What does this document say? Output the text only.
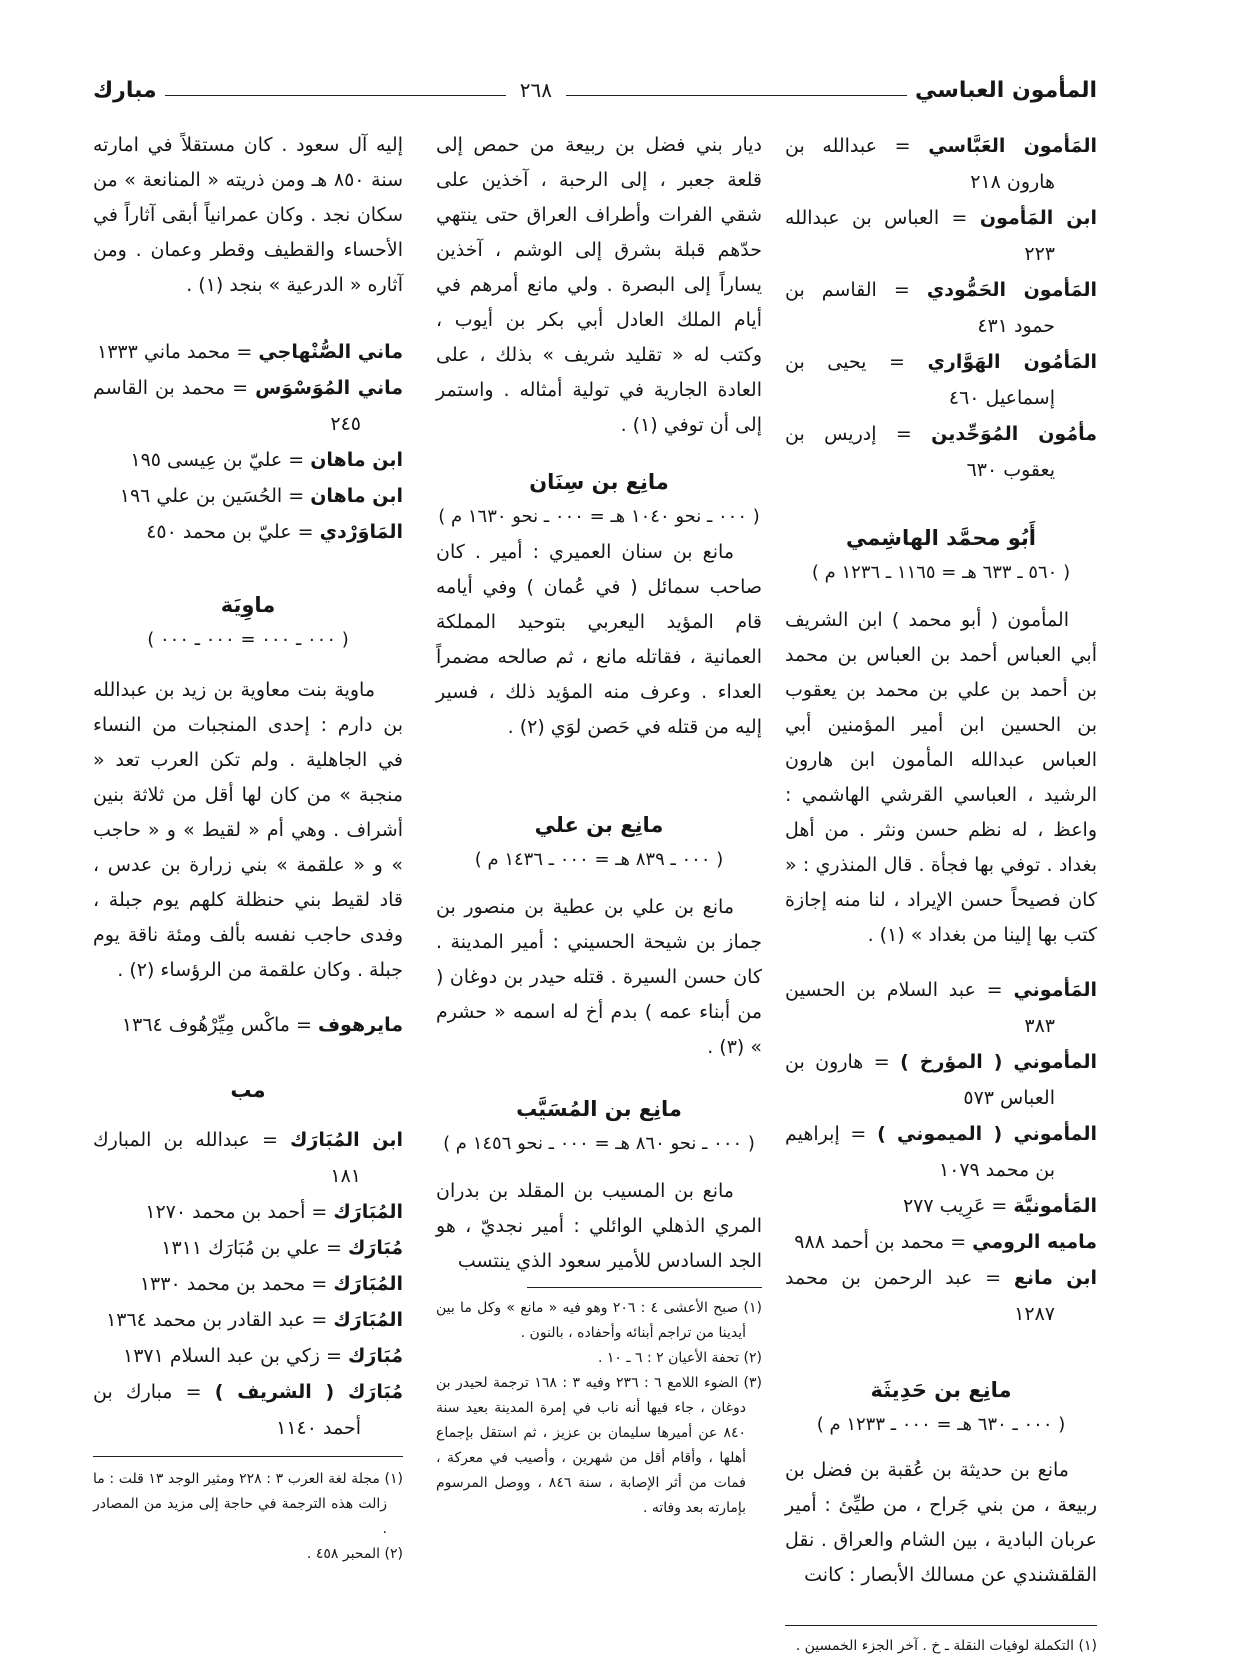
المأمون العباسي
٢٦٨
مبارك
المَأمون العَبَّاسي = عبدالله بن هارون ٢١٨
ابن المَأمون = العباس بن عبدالله ٢٢٣
المَأمون الحَمُّودي = القاسم بن حمود ٤٣١
المَأمُون الهَوَّاري = يحيى بن إسماعيل ٤٦٠
مأمُون المُوَحِّدين = إدريس بن يعقوب ٦٣٠
أَبُو محمَّد الهاشِمي
( ٥٦٠ ـ ٦٣٣ هـ = ١١٦٥ ـ ١٢٣٦ م )
المأمون ( أبو محمد ) ابن الشريف أبي العباس أحمد بن العباس بن محمد بن أحمد بن علي بن محمد بن يعقوب بن الحسين ابن أمير المؤمنين أبي العباس عبدالله المأمون ابن هارون الرشيد ، العباسي القرشي الهاشمي : واعظ ، له نظم حسن ونثر . من أهل بغداد . توفي بها فجأة . قال المنذري : « كان فصيحاً حسن الإيراد ، لنا منه إجازة كتب بها إلينا من بغداد » (١) .
المَأموني = عبد السلام بن الحسين ٣٨٣
المأموني ( المؤرخ ) = هارون بن العباس ٥٧٣
المأموني ( الميموني ) = إبراهيم بن محمد ١٠٧٩
المَأمونيَّة = عَرِيب ٢٧٧
ماميه الرومي = محمد بن أحمد ٩٨٨
ابن مانع = عبد الرحمن بن محمد ١٢٨٧
مانِع بن حَدِيثَة
( ٠٠٠ ـ ٦٣٠ هـ = ٠٠٠ ـ ١٢٣٣ م )
مانع بن حديثة بن عُقبة بن فضل بن ربيعة ، من بني جَراح ، من طيِّئ : أمير عربان البادية ، بين الشام والعراق . نقل القلقشندي عن مسالك الأبصار : كانت
(١) التكملة لوفيات النقلة ـ خ . آخر الجزء الخمسين .
ديار بني فضل بن ربيعة من حمص إلى قلعة جعبر ، إلى الرحبة ، آخذين على شقي الفرات وأطراف العراق حتى ينتهي حدّهم قبلة بشرق إلى الوشم ، آخذين يساراً إلى البصرة . ولي مانع أمرهم في أيام الملك العادل أبي بكر بن أيوب ، وكتب له « تقليد شريف » بذلك ، على العادة الجارية في تولية أمثاله . واستمر إلى أن توفي (١) .
مانِع بن سِنَان
( ٠٠٠ ـ نحو ١٠٤٠ هـ = ٠٠٠ ـ نحو ١٦٣٠ م )
مانع بن سنان العميري : أمير . كان صاحب سمائل ( في عُمان ) وفي أيامه قام المؤيد اليعربي بتوحيد المملكة العمانية ، فقاتله مانع ، ثم صالحه مضمراً العداء . وعرف منه المؤيد ذلك ، فسير إليه من قتله في حَصن لوَي (٢) .
مانِع بن علي
( ٠٠٠ ـ ٨٣٩ هـ = ٠٠٠ ـ ١٤٣٦ م )
مانع بن علي بن عطية بن منصور بن جماز بن شيحة الحسيني : أمير المدينة . كان حسن السيرة . قتله حيدر بن دوغان ( من أبناء عمه ) بدم أخ له اسمه « حشرم » (٣) .
مانِع بن المُسَيَّب
( ٠٠٠ ـ نحو ٨٦٠ هـ = ٠٠٠ ـ نحو ١٤٥٦ م )
مانع بن المسيب بن المقلد بن بدران المري الذهلي الوائلي : أمير نجديّ ، هو الجد السادس للأمير سعود الذي ينتسب
(١) صبح الأعشى ٤ : ٢٠٦ وهو فيه « مانع » وكل ما بين أيدينا من تراجم أبنائه وأحفاده ، بالنون .
(٢) تحفة الأعيان ٢ : ٦ ـ ١٠ .
(٣) الضوء اللامع ٦ : ٢٣٦ وفيه ٣ : ١٦٨ ترجمة لحيدر بن دوغان ، جاء فيها أنه ناب في إمرة المدينة بعيد سنة ٨٤٠ عن أميرها سليمان بن عزيز ، ثم استقل بإجماع أهلها ، وأقام أقل من شهرين ، وأصيب في معركة ، فمات من أثر الإصابة ، سنة ٨٤٦ ، ووصل المرسوم بإمارته بعد وفاته .
إليه آل سعود . كان مستقلاً في امارته سنة ٨٥٠ هـ ومن ذريته « المنانعة » من سكان نجد . وكان عمرانياً أبقى آثاراً في الأحساء والقطيف وقطر وعمان . ومن آثاره « الدرعية » بنجد (١) .
ماني الصُّنْهاجي = محمد ماني ١٣٣٣
ماني المُوَسْوَس = محمد بن القاسم ٢٤٥
ابن ماهان = عليّ بن عِيسى ١٩٥
ابن ماهان = الحُسَين بن علي ١٩٦
المَاوَرْدي = عليّ بن محمد ٤٥٠
ماوِيَة
( ٠٠٠ ـ ٠٠٠ = ٠٠٠ ـ ٠٠٠ )
ماوية بنت معاوية بن زيد بن عبدالله بن دارم : إحدى المنجبات من النساء في الجاهلية . ولم تكن العرب تعد « منجبة » من كان لها أقل من ثلاثة بنين أشراف . وهي أم « لقيط » و « حاجب » و « علقمة » بني زرارة بن عدس ، قاد لقيط بني حنظلة كلهم يوم جبلة ، وفدى حاجب نفسه بألف ومئة ناقة يوم جبلة . وكان علقمة من الرؤساء (٢) .
مايرهوف = ماكْس مِيِّرْهُوف ١٣٦٤
مب
ابن المُبَارَك = عبدالله بن المبارك ١٨١
المُبَارَك = أحمد بن محمد ١٢٧٠
مُبَارَك = علي بن مُبَارَك ١٣١١
المُبَارَك = محمد بن محمد ١٣٣٠
المُبَارَك = عبد القادر بن محمد ١٣٦٤
مُبَارَك = زكي بن عبد السلام ١٣٧١
مُبَارَك ( الشريف ) = مبارك بن أحمد ١١٤٠
(١) مجلة لغة العرب ٣ : ٢٢٨ ومثير الوجد ١٣ قلت : ما زالت هذه الترجمة في حاجة إلى مزيد من المصادر .
(٢) المحبر ٤٥٨ .
